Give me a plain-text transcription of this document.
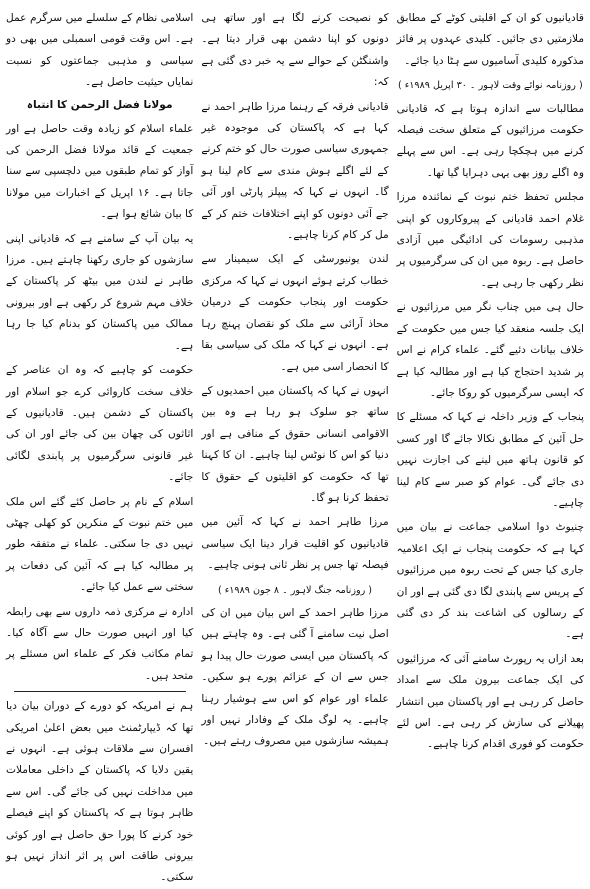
قادیانیوں کو ان کے اقلیتی کوٹے کے مطابق ملازمتیں دی جائیں۔ کلیدی عہدوں پر فائز مذکورہ کلیدی آسامیوں سے ہٹا دیا جائے۔

( روزنامہ نوائے وقت لاہور ۔ ۳۰ اپریل ۱۹۸۹ء )

مطالبات سے اندازہ ہوتا ہے کہ قادیانی حکومت مرزائیوں کے متعلق سخت فیصلہ کرنے میں ہچکچا رہی ہے۔ اس سے پہلے وہ اگلے روز بھی یہی دہرایا گیا تھا۔

مجلس تحفظ ختم نبوت کے نمائندہ مرزا غلام احمد قادیانی کے پیروکاروں کو اپنی مذہبی رسومات کی ادائیگی میں آزادی حاصل ہے۔ ربوہ میں ان کی سرگرمیوں پر نظر رکھی جا رہی ہے۔

حال ہی میں چناب نگر میں مرزائیوں نے ایک جلسہ منعقد کیا جس میں حکومت کے خلاف بیانات دئیے گئے۔ علماء کرام نے اس پر شدید احتجاج کیا ہے اور مطالبہ کیا ہے کہ ایسی سرگرمیوں کو روکا جائے۔

پنجاب کے وزیر داخلہ نے کہا کہ مسئلے کا حل آئین کے مطابق نکالا جائے گا اور کسی کو قانون ہاتھ میں لینے کی اجازت نہیں دی جائے گی۔ عوام کو صبر سے کام لینا چاہیے۔

چنیوٹ دوا اسلامی جماعت نے بیان میں کہا ہے کہ حکومت پنجاب نے ایک اعلامیہ جاری کیا جس کے تحت ربوہ میں مرزائیوں کے پریس سے پابندی لگا دی گئی ہے اور ان کے رسالوں کی اشاعت بند کر دی گئی ہے۔

بعد ازاں یہ رپورٹ سامنے آئی کہ مرزائیوں کی ایک جماعت بیرون ملک سے امداد حاصل کر رہی ہے اور پاکستان میں انتشار پھیلانے کی سازش کر رہی ہے۔ اس لئے حکومت کو فوری اقدام کرنا چاہیے۔

کو نصیحت کرنے لگا ہے اور ساتھ ہی دونوں کو اپنا دشمن بھی قرار دیتا ہے۔ واشنگٹن کے حوالے سے یہ خبر دی گئی ہے کہ:

قادیانی فرقہ کے رہنما مرزا طاہر احمد نے کہا ہے کہ پاکستان کی موجودہ غیر جمہوری سیاسی صورت حال کو ختم کرنے کے لئے اگلے ہوش مندی سے کام لینا ہو گا۔ انہوں نے کہا کہ پیپلز پارٹی اور آئی جے آئی دونوں کو اپنے اختلافات ختم کر کے مل کر کام کرنا چاہیے۔

لندن یونیورسٹی کے ایک سیمینار سے خطاب کرتے ہوئے انہوں نے کہا کہ مرکزی حکومت اور پنجاب حکومت کے درمیان محاذ آرائی سے ملک کو نقصان پہنچ رہا ہے۔ انہوں نے کہا کہ ملک کی سیاسی بقا کا انحصار اسی میں ہے۔

انہوں نے کہا کہ پاکستان میں احمدیوں کے ساتھ جو سلوک ہو رہا ہے وہ بین الاقوامی انسانی حقوق کے منافی ہے اور دنیا کو اس کا نوٹس لینا چاہیے۔ ان کا کہنا تھا کہ حکومت کو اقلیتوں کے حقوق کا تحفظ کرنا ہو گا۔

مرزا طاہر احمد نے کہا کہ آئین میں قادیانیوں کو اقلیت قرار دینا ایک سیاسی فیصلہ تھا جس پر نظر ثانی ہونی چاہیے۔

( روزنامہ جنگ لاہور ۔ ۸ جون ۱۹۸۹ء )

مرزا طاہر احمد کے اس بیان میں ان کی اصل نیت سامنے آ گئی ہے۔ وہ چاہتے ہیں کہ پاکستان میں ایسی صورت حال پیدا ہو جس سے ان کے عزائم پورے ہو سکیں۔ علماء اور عوام کو اس سے ہوشیار رہنا چاہیے۔ یہ لوگ ملک کے وفادار نہیں اور ہمیشہ سازشوں میں مصروف رہتے ہیں۔

اسلامی نظام کے سلسلے میں سرگرم عمل ہے۔ اس وقت قومی اسمبلی میں بھی دو سیاسی و مذہبی جماعتوں کو نسبت نمایاں حیثیت حاصل ہے۔

مولانا فضل الرحمن کا انتباہ

علماء اسلام کو زیادہ وقت حاصل ہے اور جمعیت کے قائد مولانا فضل الرحمن کی آواز کو تمام طبقوں میں دلچسپی سے سنا جاتا ہے۔ ۱۶ اپریل کے اخبارات میں مولانا کا بیان شائع ہوا ہے۔

یہ بیان آپ کے سامنے ہے کہ قادیانی اپنی سازشوں کو جاری رکھنا چاہتے ہیں۔ مرزا طاہر نے لندن میں بیٹھ کر پاکستان کے خلاف مہم شروع کر رکھی ہے اور بیرونی ممالک میں پاکستان کو بدنام کیا جا رہا ہے۔

حکومت کو چاہیے کہ وہ ان عناصر کے خلاف سخت کاروائی کرے جو اسلام اور پاکستان کے دشمن ہیں۔ قادیانیوں کے اثاثوں کی چھان بین کی جائے اور ان کی غیر قانونی سرگرمیوں پر پابندی لگائی جائے۔

اسلام کے نام پر حاصل کئے گئے اس ملک میں ختم نبوت کے منکرین کو کھلی چھٹی نہیں دی جا سکتی۔ علماء نے متفقہ طور پر مطالبہ کیا ہے کہ آئین کی دفعات پر سختی سے عمل کیا جائے۔

ادارہ نے مرکزی ذمہ داروں سے بھی رابطہ کیا اور انہیں صورت حال سے آگاہ کیا۔ تمام مکاتب فکر کے علماء اس مسئلے پر متحد ہیں۔

ہم نے امریکہ کو دورے کے دوران بیان دیا تھا کہ ڈیپارٹمنٹ میں بعض اعلیٰ امریکی افسران سے ملاقات ہوئی ہے۔ انہوں نے یقین دلایا کہ پاکستان کے داخلی معاملات میں مداخلت نہیں کی جائے گی۔ اس سے ظاہر ہوتا ہے کہ پاکستان کو اپنے فیصلے خود کرنے کا پورا حق حاصل ہے اور کوئی بیرونی طاقت اس پر اثر انداز نہیں ہو سکتی۔
